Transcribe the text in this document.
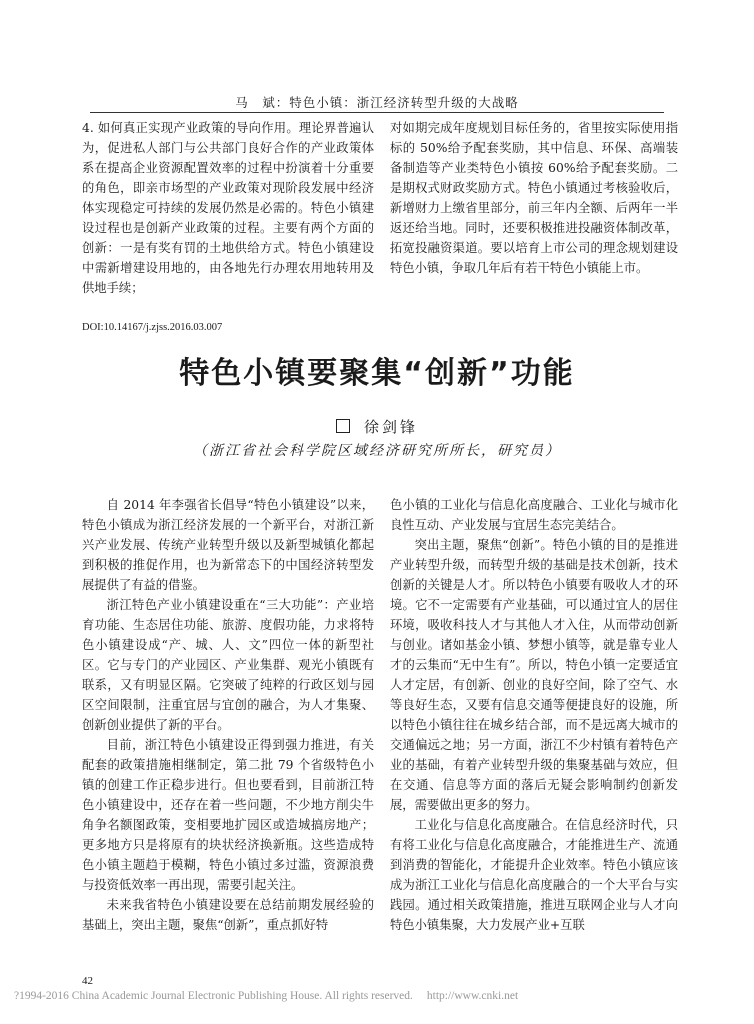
马　斌：特色小镇：浙江经济转型升级的大战略

4. 如何真正实现产业政策的导向作用。理论界普遍认为，促进私人部门与公共部门良好合作的产业政策体系在提高企业资源配置效率的过程中扮演着十分重要的角色，即亲市场型的产业政策对现阶段发展中经济体实现稳定可持续的发展仍然是必需的。特色小镇建设过程也是创新产业政策的过程。主要有两个方面的创新：一是有奖有罚的土地供给方式。特色小镇建设中需新增建设用地的，由各地先行办理农用地转用及供地手续；

对如期完成年度规划目标任务的，省里按实际使用指标的 50%给予配套奖励，其中信息、环保、高端装备制造等产业类特色小镇按 60%给予配套奖励。二是期权式财政奖励方式。特色小镇通过考核验收后，新增财力上缴省里部分，前三年内全额、后两年一半返还给当地。同时，还要积极推进投融资体制改革，拓宽投融资渠道。要以培育上市公司的理念规划建设特色小镇，争取几年后有若干特色小镇能上市。

DOI:10.14167/j.zjss.2016.03.007
特色小镇要聚集“创新”功能
徐剑锋
（浙江省社会科学院区域经济研究所所长，研究员）

自 2014 年李强省长倡导“特色小镇建设”以来，特色小镇成为浙江经济发展的一个新平台，对浙江新兴产业发展、传统产业转型升级以及新型城镇化都起到积极的推促作用，也为新常态下的中国经济转型发展提供了有益的借鉴。

浙江特色产业小镇建设重在“三大功能”：产业培育功能、生态居住功能、旅游、度假功能，力求将特色小镇建设成“产、城、人、文”四位一体的新型社区。它与专门的产业园区、产业集群、观光小镇既有联系，又有明显区隔。它突破了纯粹的行政区划与园区空间限制，注重宜居与宜创的融合，为人才集聚、创新创业提供了新的平台。

目前，浙江特色小镇建设正得到强力推进，有关配套的政策措施相继制定，第二批 79 个省级特色小镇的创建工作正稳步进行。但也要看到，目前浙江特色小镇建设中，还存在着一些问题，不少地方削尖牛角争名额图政策，变相要地扩园区或造城搞房地产；更多地方只是将原有的块状经济换新瓶。这些造成特色小镇主题趋于模糊，特色小镇过多过滥，资源浪费与投资低效率一再出现，需要引起关注。

未来我省特色小镇建设要在总结前期发展经验的基础上，突出主题，聚焦“创新”，重点抓好特

色小镇的工业化与信息化高度融合、工业化与城市化良性互动、产业发展与宜居生态完美结合。

突出主题，聚焦“创新”。特色小镇的目的是推进产业转型升级，而转型升级的基础是技术创新，技术创新的关键是人才。所以特色小镇要有吸收人才的环境。它不一定需要有产业基础，可以通过宜人的居住环境，吸收科技人才与其他人才入住，从而带动创新与创业。诸如基金小镇、梦想小镇等，就是靠专业人才的云集而“无中生有”。所以，特色小镇一定要适宜人才定居，有创新、创业的良好空间，除了空气、水等良好生态，又要有信息交通等便捷良好的设施，所以特色小镇往往在城乡结合部，而不是远离大城市的交通偏远之地；另一方面，浙江不少村镇有着特色产业的基础，有着产业转型升级的集聚基础与效应，但在交通、信息等方面的落后无疑会影响制约创新发展，需要做出更多的努力。

工业化与信息化高度融合。在信息经济时代，只有将工业化与信息化高度融合，才能推进生产、流通到消费的智能化，才能提升企业效率。特色小镇应该成为浙江工业化与信息化高度融合的一个大平台与实践园。通过相关政策措施，推进互联网企业与人才向特色小镇集聚，大力发展产业+互联

42
?1994-2016 China Academic Journal Electronic Publishing House. All rights reserved. http://www.cnki.net
